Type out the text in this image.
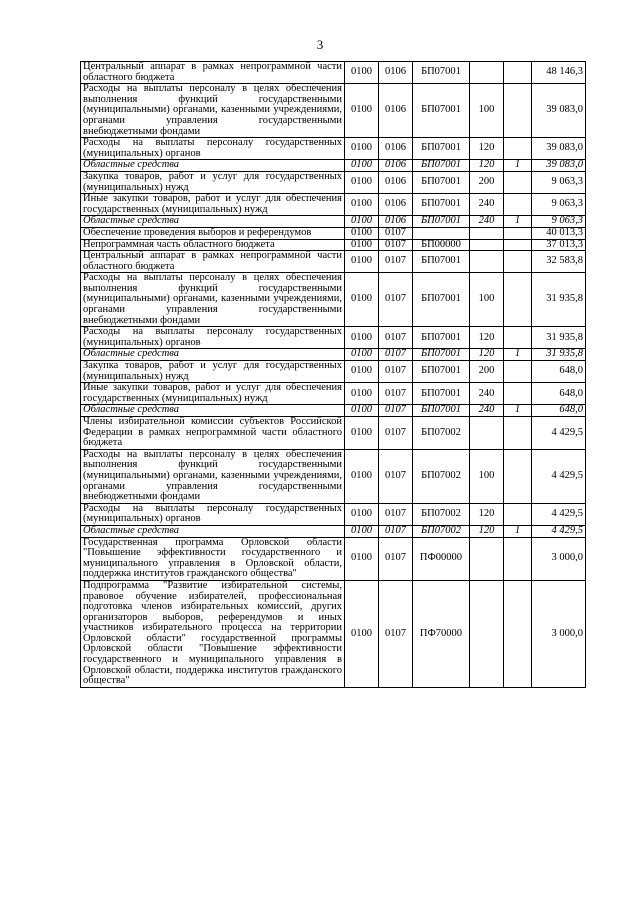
3
Центральный аппарат в рамках непрограммной части областного бюджета	0100	0106	БП07001			48 146,3
Расходы на выплаты персоналу в целях обеспечения выполнения функций государственными (муниципальными) органами, казенными учреждениями, органами управления государственными внебюджетными фондами	0100	0106	БП07001	100		39 083,0
Расходы на выплаты персоналу государственных (муниципальных) органов	0100	0106	БП07001	120		39 083,0
Областные средства	0100	0106	БП07001	120	1	39 083,0
Закупка товаров, работ и услуг для государственных (муниципальных) нужд	0100	0106	БП07001	200		9 063,3
Иные закупки товаров, работ и услуг для обеспечения государственных (муниципальных) нужд	0100	0106	БП07001	240		9 063,3
Областные средства	0100	0106	БП07001	240	1	9 063,3
Обеспечение проведения выборов и референдумов	0100	0107				40 013,3
Непрограммная часть областного бюджета	0100	0107	БП00000			37 013,3
Центральный аппарат в рамках непрограммной части областного бюджета	0100	0107	БП07001			32 583,8
Расходы на выплаты персоналу в целях обеспечения выполнения функций государственными (муниципальными) органами, казенными учреждениями, органами управления государственными внебюджетными фондами	0100	0107	БП07001	100		31 935,8
Расходы на выплаты персоналу государственных (муниципальных) органов	0100	0107	БП07001	120		31 935,8
Областные средства	0100	0107	БП07001	120	1	31 935,8
Закупка товаров, работ и услуг для государственных (муниципальных) нужд	0100	0107	БП07001	200		648,0
Иные закупки товаров, работ и услуг для обеспечения государственных (муниципальных) нужд	0100	0107	БП07001	240		648,0
Областные средства	0100	0107	БП07001	240	1	648,0
Члены избирательной комиссии субъектов Российской Федерации в рамках непрограммной части областного бюджета	0100	0107	БП07002			4 429,5
Расходы на выплаты персоналу в целях обеспечения выполнения функций государственными (муниципальными) органами, казенными учреждениями, органами управления государственными внебюджетными фондами	0100	0107	БП07002	100		4 429,5
Расходы на выплаты персоналу государственных (муниципальных) органов	0100	0107	БП07002	120		4 429,5
Областные средства	0100	0107	БП07002	120	1	4 429,5
Государственная программа Орловской области "Повышение эффективности государственного и муниципального управления в Орловской области, поддержка институтов гражданского общества"	0100	0107	ПФ00000			3 000,0
Подпрограмма "Развитие избирательной системы, правовое обучение избирателей, профессиональная подготовка членов избирательных комиссий, других организаторов выборов, референдумов и иных участников избирательного процесса на территории Орловской области" государственной программы Орловской области "Повышение эффективности государственного и муниципального управления в Орловской области, поддержка институтов гражданского общества"	0100	0107	ПФ70000			3 000,0
